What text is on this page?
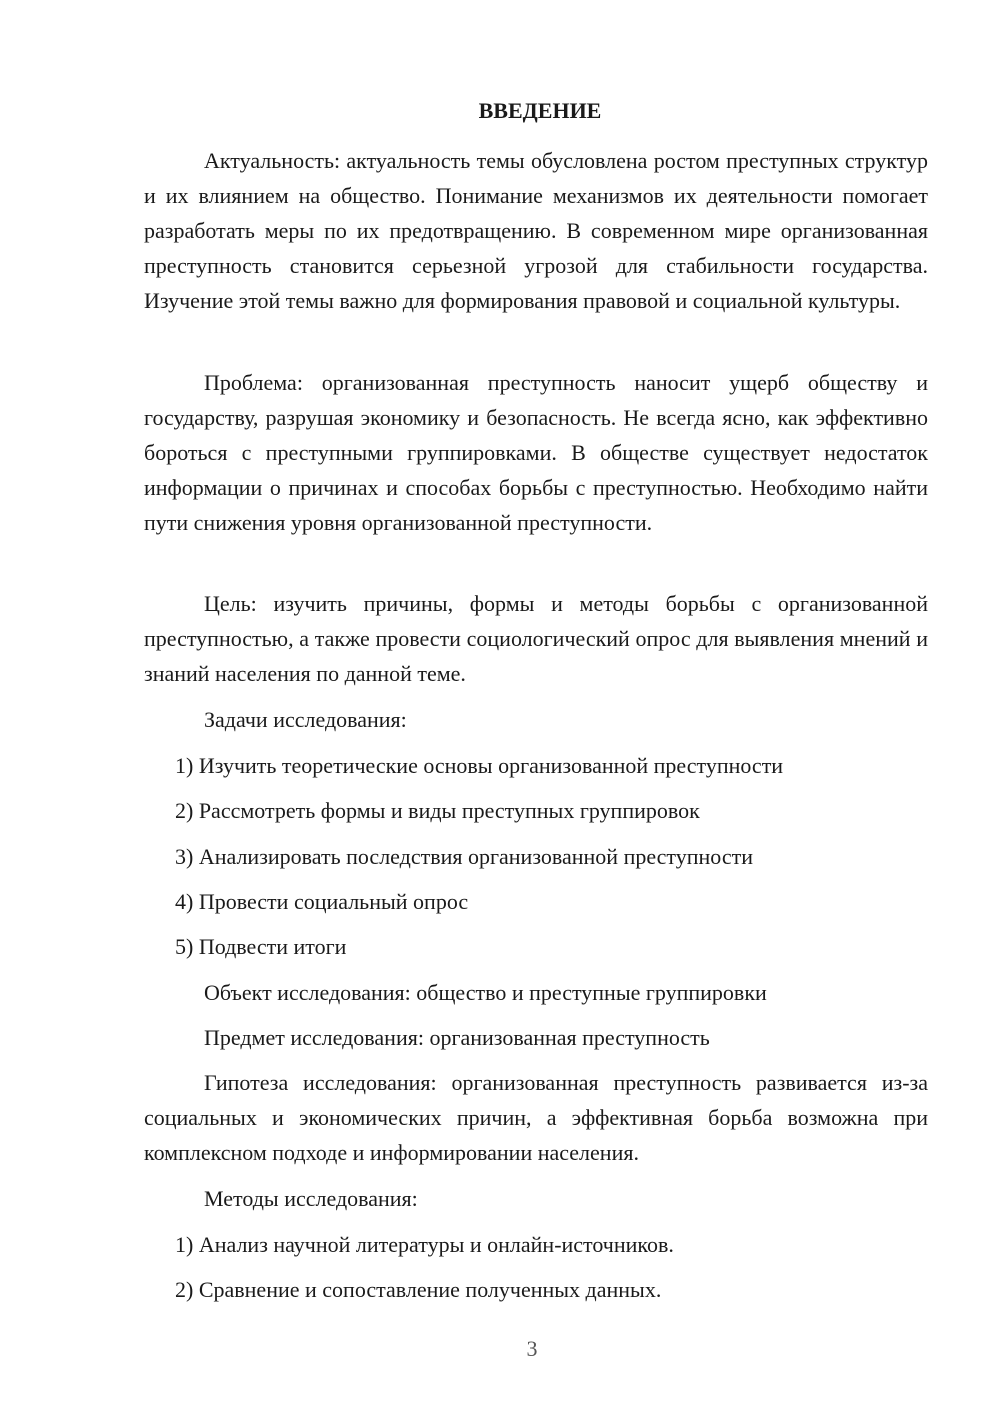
ВВЕДЕНИЕ

Актуальность: актуальность темы обусловлена ростом преступных структур и их влиянием на общество. Понимание механизмов их деятельности помогает разработать меры по их предотвращению. В современном мире организованная преступность становится серьезной угрозой для стабильности государства. Изучение этой темы важно для формирования правовой и социальной культуры.

Проблема: организованная преступность наносит ущерб обществу и государству, разрушая экономику и безопасность. Не всегда ясно, как эффективно бороться с преступными группировками. В обществе существует недостаток информации о причинах и способах борьбы с преступностью. Необходимо найти пути снижения уровня организованной преступности.

Цель: изучить причины, формы и методы борьбы с организованной преступностью, а также провести социологический опрос для выявления мнений и знаний населения по данной теме.

Задачи исследования:

1) Изучить теоретические основы организованной преступности

2) Рассмотреть формы и виды преступных группировок

3) Анализировать последствия организованной преступности

4) Провести социальный опрос

5) Подвести итоги

Объект исследования: общество и преступные группировки

Предмет исследования: организованная преступность

Гипотеза исследования: организованная преступность развивается из-за социальных и экономических причин, а эффективная борьба возможна при комплексном подходе и информировании населения.

Методы исследования:

1) Анализ научной литературы и онлайн-источников.

2) Сравнение и сопоставление полученных данных.

3
